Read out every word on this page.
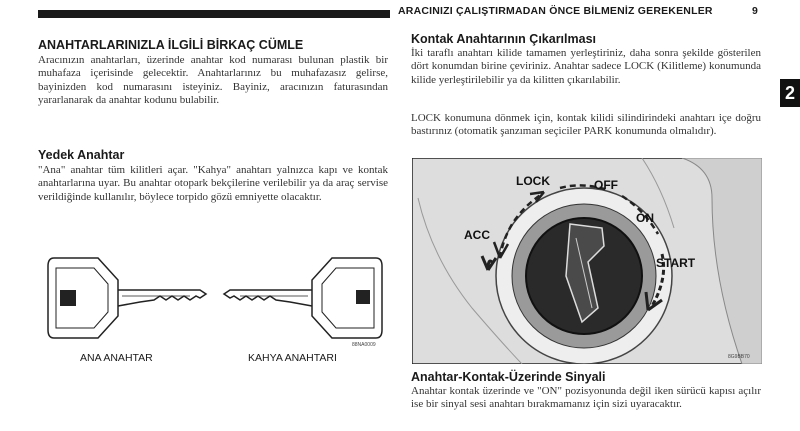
ARACINIZI ÇALIŞTIRMADAN ÖNCE BİLMENİZ GEREKENLER	9
2
ANAHTARLARINIZLA İLGİLİ BİRKAÇ CÜMLE
Aracınızın anahtarları, üzerinde anahtar kod numarası bulunan plastik bir muhafaza içerisinde gelecektir. Anahtarlarınız bu muhafazasız gelirse, bayinizden kod numarasını isteyiniz. Bayiniz, aracınızın faturasından yararlanarak da anahtar kodunu bulabilir.
Yedek Anahtar
"Ana" anahtar tüm kilitleri açar. "Kahya" anahtarı yalnızca kapı ve kontak anahtarlarına uyar. Bu anahtar otopark bekçilerine verilebilir ya da araç servise verildiğinde kullanılır, böylece torpido gözü emniyette olacaktır.
88NA0009
ANA ANAHTAR	KAHYA ANAHTARI
Kontak Anahtarının Çıkarılması
İki taraflı anahtarı kilide tamamen yerleştiriniz, daha sonra şekilde gösterilen dört konumdan birine çeviriniz. Anahtar sadece LOCK (Kilitleme) konumunda kilide yerleştirilebilir ya da kilitten çıkarılabilir.
LOCK konumuna dönmek için, kontak kilidi silindirindeki anahtarı içe doğru bastırınız (otomatik şanzıman seçiciler PARK konumunda olmalıdır).
LOCK	OFF
ON
START
ACC
8G9BB70
Anahtar-Kontak-Üzerinde Sinyali
Anahtar kontak üzerinde ve "ON" pozisyonunda değil iken sürücü kapısı açılır ise bir sinyal sesi anahtarı bırakmamanız için sizi uyaracaktır.
